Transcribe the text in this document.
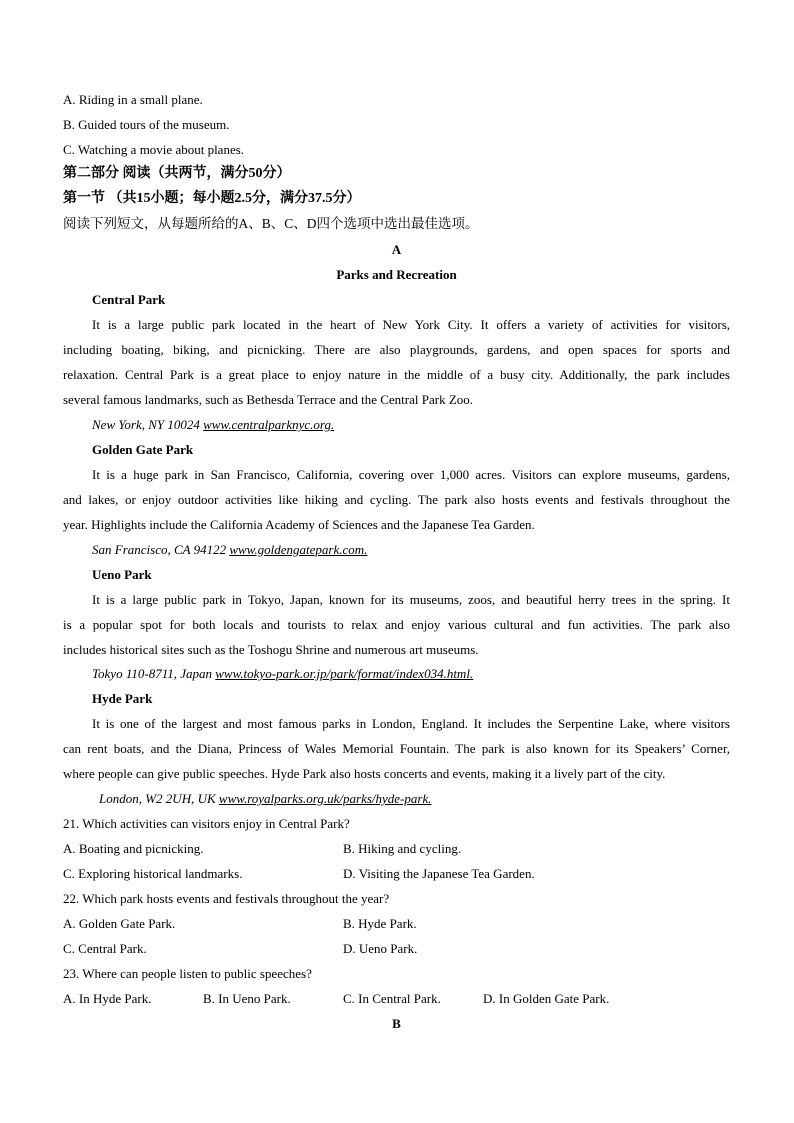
A. Riding in a small plane.
B. Guided tours of the museum.
C. Watching a movie about planes.
第二部分 阅读（共两节，满分50分）
第一节 （共15小题；每小题2.5分，满分37.5分）
阅读下列短文，从每题所给的A、B、C、D四个选项中选出最佳选项。
A
Parks and Recreation
Central Park
It is a large public park located in the heart of New York City. It offers a variety of activities for visitors,
including boating, biking, and picnicking. There are also playgrounds, gardens, and open spaces for sports and
relaxation. Central Park is a great place to enjoy nature in the middle of a busy city. Additionally, the park includes
several famous landmarks, such as Bethesda Terrace and the Central Park Zoo.
New York, NY 10024 www.centralparknyc.org.
Golden Gate Park
It is a huge park in San Francisco, California, covering over 1,000 acres. Visitors can explore museums, gardens,
and lakes, or enjoy outdoor activities like hiking and cycling. The park also hosts events and festivals throughout the
year. Highlights include the California Academy of Sciences and the Japanese Tea Garden.
San Francisco, CA 94122 www.goldengatepark.com.
Ueno Park
It is a large public park in Tokyo, Japan, known for its museums, zoos, and beautiful herry trees in the spring. It
is a popular spot for both locals and tourists to relax and enjoy various cultural and fun activities. The park also
includes historical sites such as the Toshogu Shrine and numerous art museums.
Tokyo 110-8711, Japan www.tokyo-park.or.jp/park/format/index034.html.
Hyde Park
It is one of the largest and most famous parks in London, England. It includes the Serpentine Lake, where visitors
can rent boats, and the Diana, Princess of Wales Memorial Fountain. The park is also known for its Speakers’ Corner,
where people can give public speeches. Hyde Park also hosts concerts and events, making it a lively part of the city.
London, W2 2UH, UK www.royalparks.org.uk/parks/hyde-park.
21. Which activities can visitors enjoy in Central Park?
A. Boating and picnicking.	B. Hiking and cycling.
C. Exploring historical landmarks.	D. Visiting the Japanese Tea Garden.
22. Which park hosts events and festivals throughout the year?
A. Golden Gate Park.	B. Hyde Park.
C. Central Park.	D. Ueno Park.
23. Where can people listen to public speeches?
A. In Hyde Park.	B. In Ueno Park.	C. In Central Park.	D. In Golden Gate Park.
B
